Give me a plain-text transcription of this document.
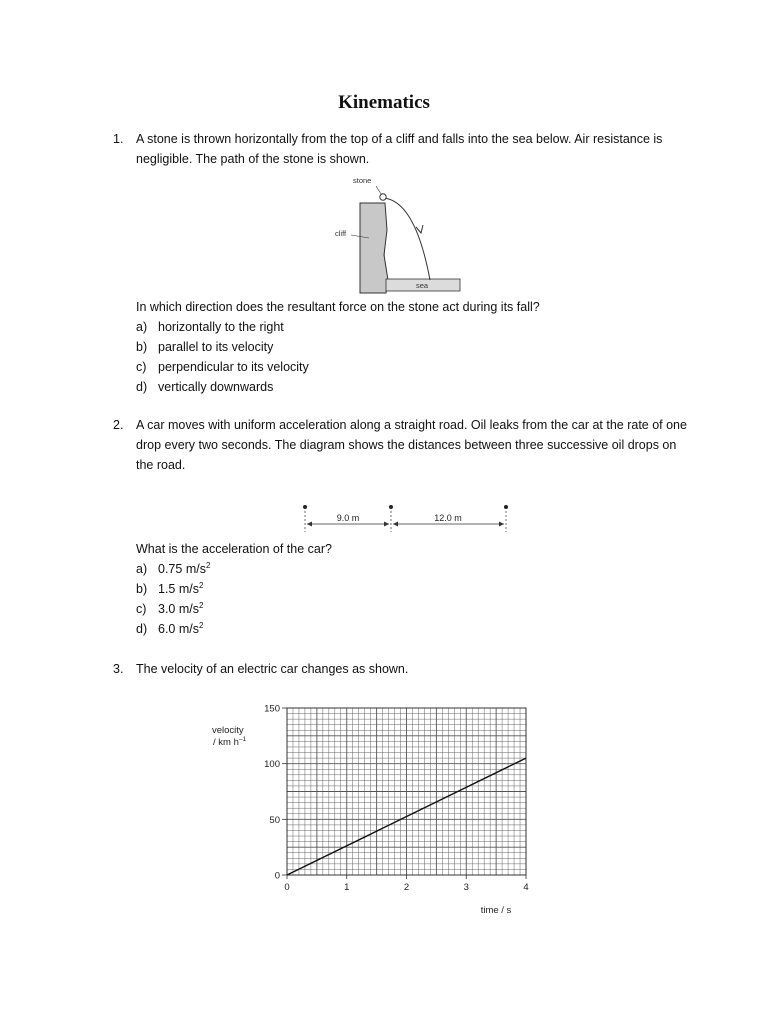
Kinematics
1. A stone is thrown horizontally from the top of a cliff and falls into the sea below. Air resistance is negligible. The path of the stone is shown.
stone
cliff
sea
In which direction does the resultant force on the stone act during its fall?
a) horizontally to the right
b) parallel to its velocity
c) perpendicular to its velocity
d) vertically downwards
2. A car moves with uniform acceleration along a straight road. Oil leaks from the car at the rate of one drop every two seconds. The diagram shows the distances between three successive oil drops on the road.
9.0 m	12.0 m
What is the acceleration of the car?
a) 0.75 $m/s^2$
b) 1.5 $m/s^2$
c) 3.0 $m/s^2$
d) 6.0 $m/s^2$
3. The velocity of an electric car changes as shown.
0	1	2	3	4
0
50
100
150
velocity
/ km $h^{-1}$
time / s
